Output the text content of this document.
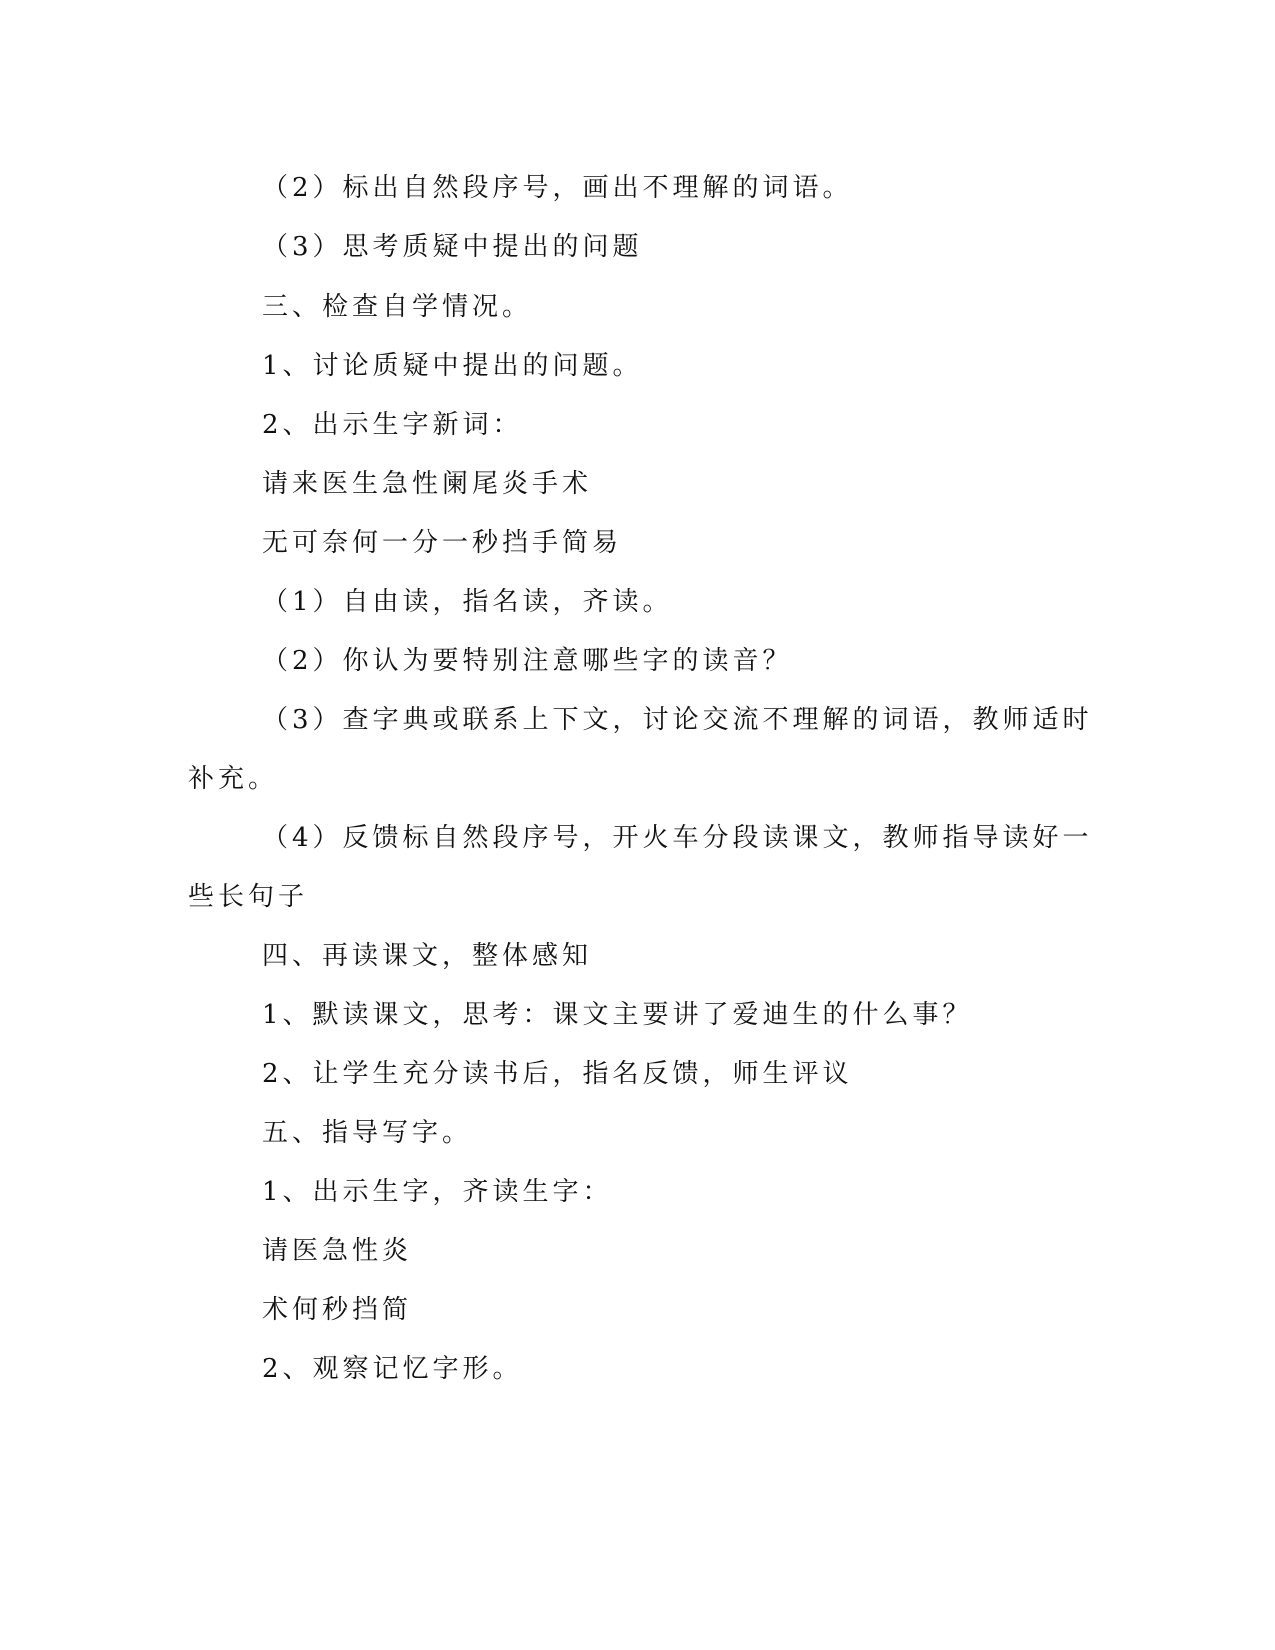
（2）标出自然段序号，画出不理解的词语。
（3）思考质疑中提出的问题
三、检查自学情况。
1、讨论质疑中提出的问题。
2、出示生字新词：
请来医生急性阑尾炎手术
无可奈何一分一秒挡手简易
（1）自由读，指名读，齐读。
（2）你认为要特别注意哪些字的读音？
（3）查字典或联系上下文，讨论交流不理解的词语，教师适时
补充。
（4）反馈标自然段序号，开火车分段读课文，教师指导读好一
些长句子
四、再读课文，整体感知
1、默读课文，思考：课文主要讲了爱迪生的什么事？
2、让学生充分读书后，指名反馈，师生评议
五、指导写字。
1、出示生字，齐读生字：
请医急性炎
术何秒挡简
2、观察记忆字形。
